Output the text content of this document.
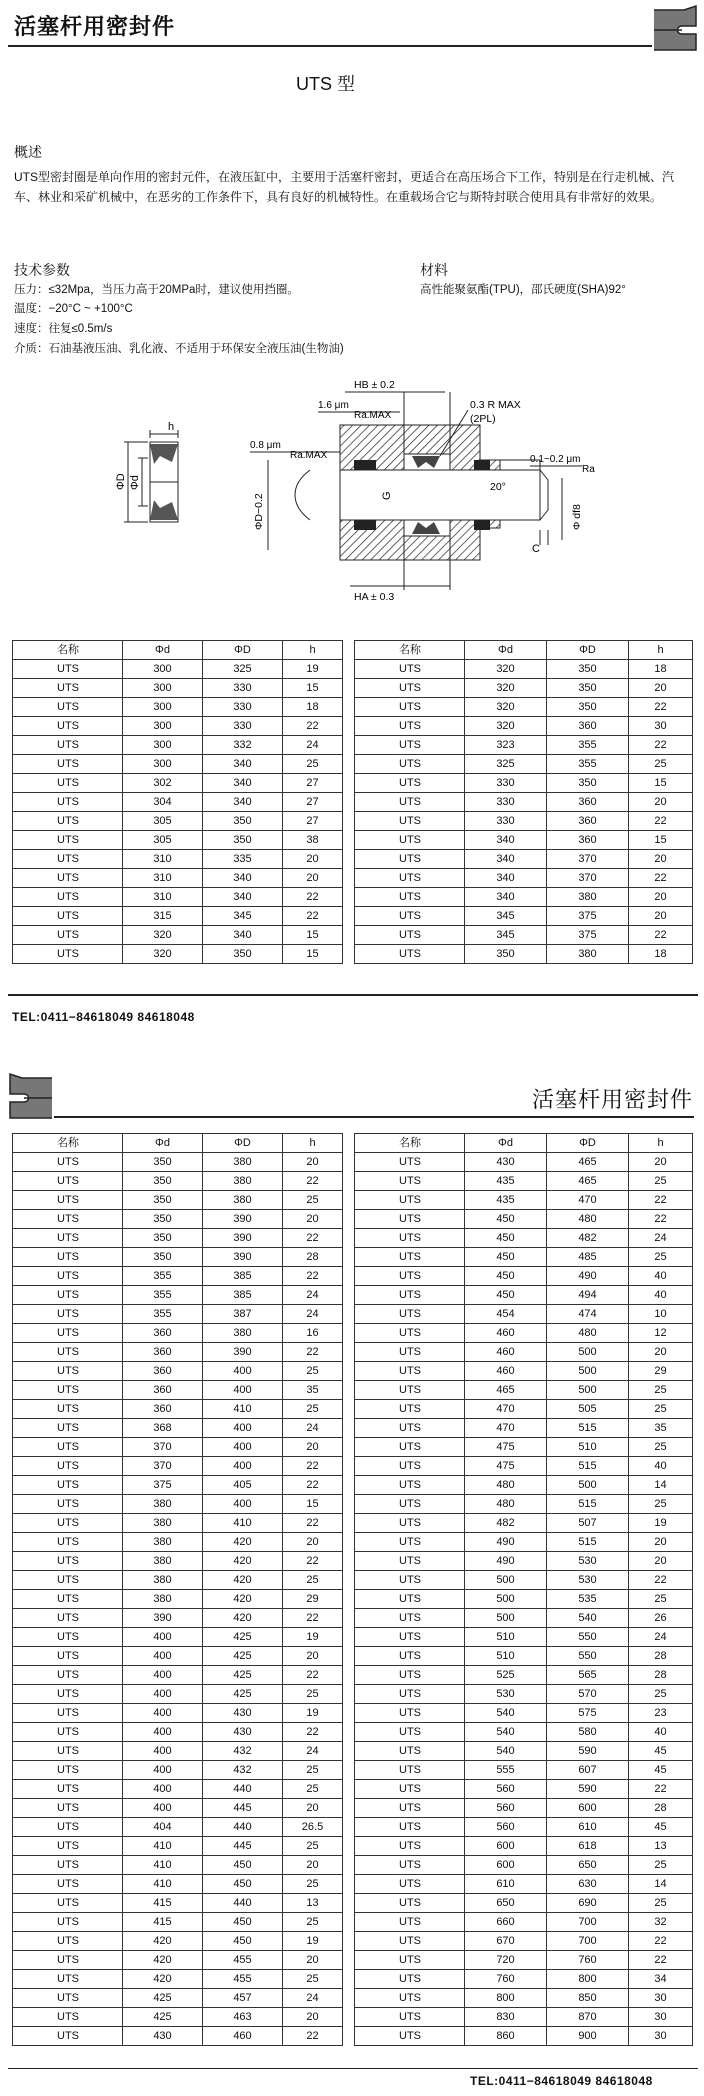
活塞杆用密封件
UTS 型
概述
UTS型密封圈是单向作用的密封元件，在液压缸中，主要用于活塞杆密封，更适合在高压场合下工作，特别是在行走机械、汽车、林业和采矿机械中，在恶劣的工作条件下，具有良好的机械特性。在重载场合它与斯特封联合使用具有非常好的效果。
技术参数
压力：≤32Mpa，当压力高于20MPa时，建议使用挡圈。
温度：−20°C ~ +100°C
速度：往复≤0.5m/s
介质：石油基液压油、乳化液、不适用于环保安全液压油(生物油)
材料
高性能聚氨酯(TPU)，邵氏硬度(SHA)92°
h
ΦD Φd
HB ± 0.2
1.6 μm
Ra.MAX
0.3 R MAX
(2PL)
0.8 μm
Ra.MAX
ΦD−0.2	G
20°
0.1~0.2 μm
Ra
Φ df8
C
HA ± 0.3
名称	Φd	ΦD	h
UTS	300	325	19
UTS	300	330	15
UTS	300	330	18
UTS	300	330	22
UTS	300	332	24
UTS	300	340	25
UTS	302	340	27
UTS	304	340	27
UTS	305	350	27
UTS	305	350	38
UTS	310	335	20
UTS	310	340	20
UTS	310	340	22
UTS	315	345	22
UTS	320	340	15
UTS	320	350	15
名称	Φd	ΦD	h
UTS	320	350	18
UTS	320	350	20
UTS	320	350	22
UTS	320	360	30
UTS	323	355	22
UTS	325	355	25
UTS	330	350	15
UTS	330	360	20
UTS	330	360	22
UTS	340	360	15
UTS	340	370	20
UTS	340	370	22
UTS	340	380	20
UTS	345	375	20
UTS	345	375	22
UTS	350	380	18
TEL:0411−84618049 84618048
活塞杆用密封件
名称	Φd	ΦD	h
UTS	350	380	20
UTS	350	380	22
UTS	350	380	25
UTS	350	390	20
UTS	350	390	22
UTS	350	390	28
UTS	355	385	22
UTS	355	385	24
UTS	355	387	24
UTS	360	380	16
UTS	360	390	22
UTS	360	400	25
UTS	360	400	35
UTS	360	410	25
UTS	368	400	24
UTS	370	400	20
UTS	370	400	22
UTS	375	405	22
UTS	380	400	15
UTS	380	410	22
UTS	380	420	20
UTS	380	420	22
UTS	380	420	25
UTS	380	420	29
UTS	390	420	22
UTS	400	425	19
UTS	400	425	20
UTS	400	425	22
UTS	400	425	25
UTS	400	430	19
UTS	400	430	22
UTS	400	432	24
UTS	400	432	25
UTS	400	440	25
UTS	400	445	20
UTS	404	440	26.5
UTS	410	445	25
UTS	410	450	20
UTS	410	450	25
UTS	415	440	13
UTS	415	450	25
UTS	420	450	19
UTS	420	455	20
UTS	420	455	25
UTS	425	457	24
UTS	425	463	20
UTS	430	460	22
名称	Φd	ΦD	h
UTS	430	465	20
UTS	435	465	25
UTS	435	470	22
UTS	450	480	22
UTS	450	482	24
UTS	450	485	25
UTS	450	490	40
UTS	450	494	40
UTS	454	474	10
UTS	460	480	12
UTS	460	500	20
UTS	460	500	29
UTS	465	500	25
UTS	470	505	25
UTS	470	515	35
UTS	475	510	25
UTS	475	515	40
UTS	480	500	14
UTS	480	515	25
UTS	482	507	19
UTS	490	515	20
UTS	490	530	20
UTS	500	530	22
UTS	500	535	25
UTS	500	540	26
UTS	510	550	24
UTS	510	550	28
UTS	525	565	28
UTS	530	570	25
UTS	540	575	23
UTS	540	580	40
UTS	540	590	45
UTS	555	607	45
UTS	560	590	22
UTS	560	600	28
UTS	560	610	45
UTS	600	618	13
UTS	600	650	25
UTS	610	630	14
UTS	650	690	25
UTS	660	700	32
UTS	670	700	22
UTS	720	760	22
UTS	760	800	34
UTS	800	850	30
UTS	830	870	30
UTS	860	900	30
TEL:0411−84618049 84618048
